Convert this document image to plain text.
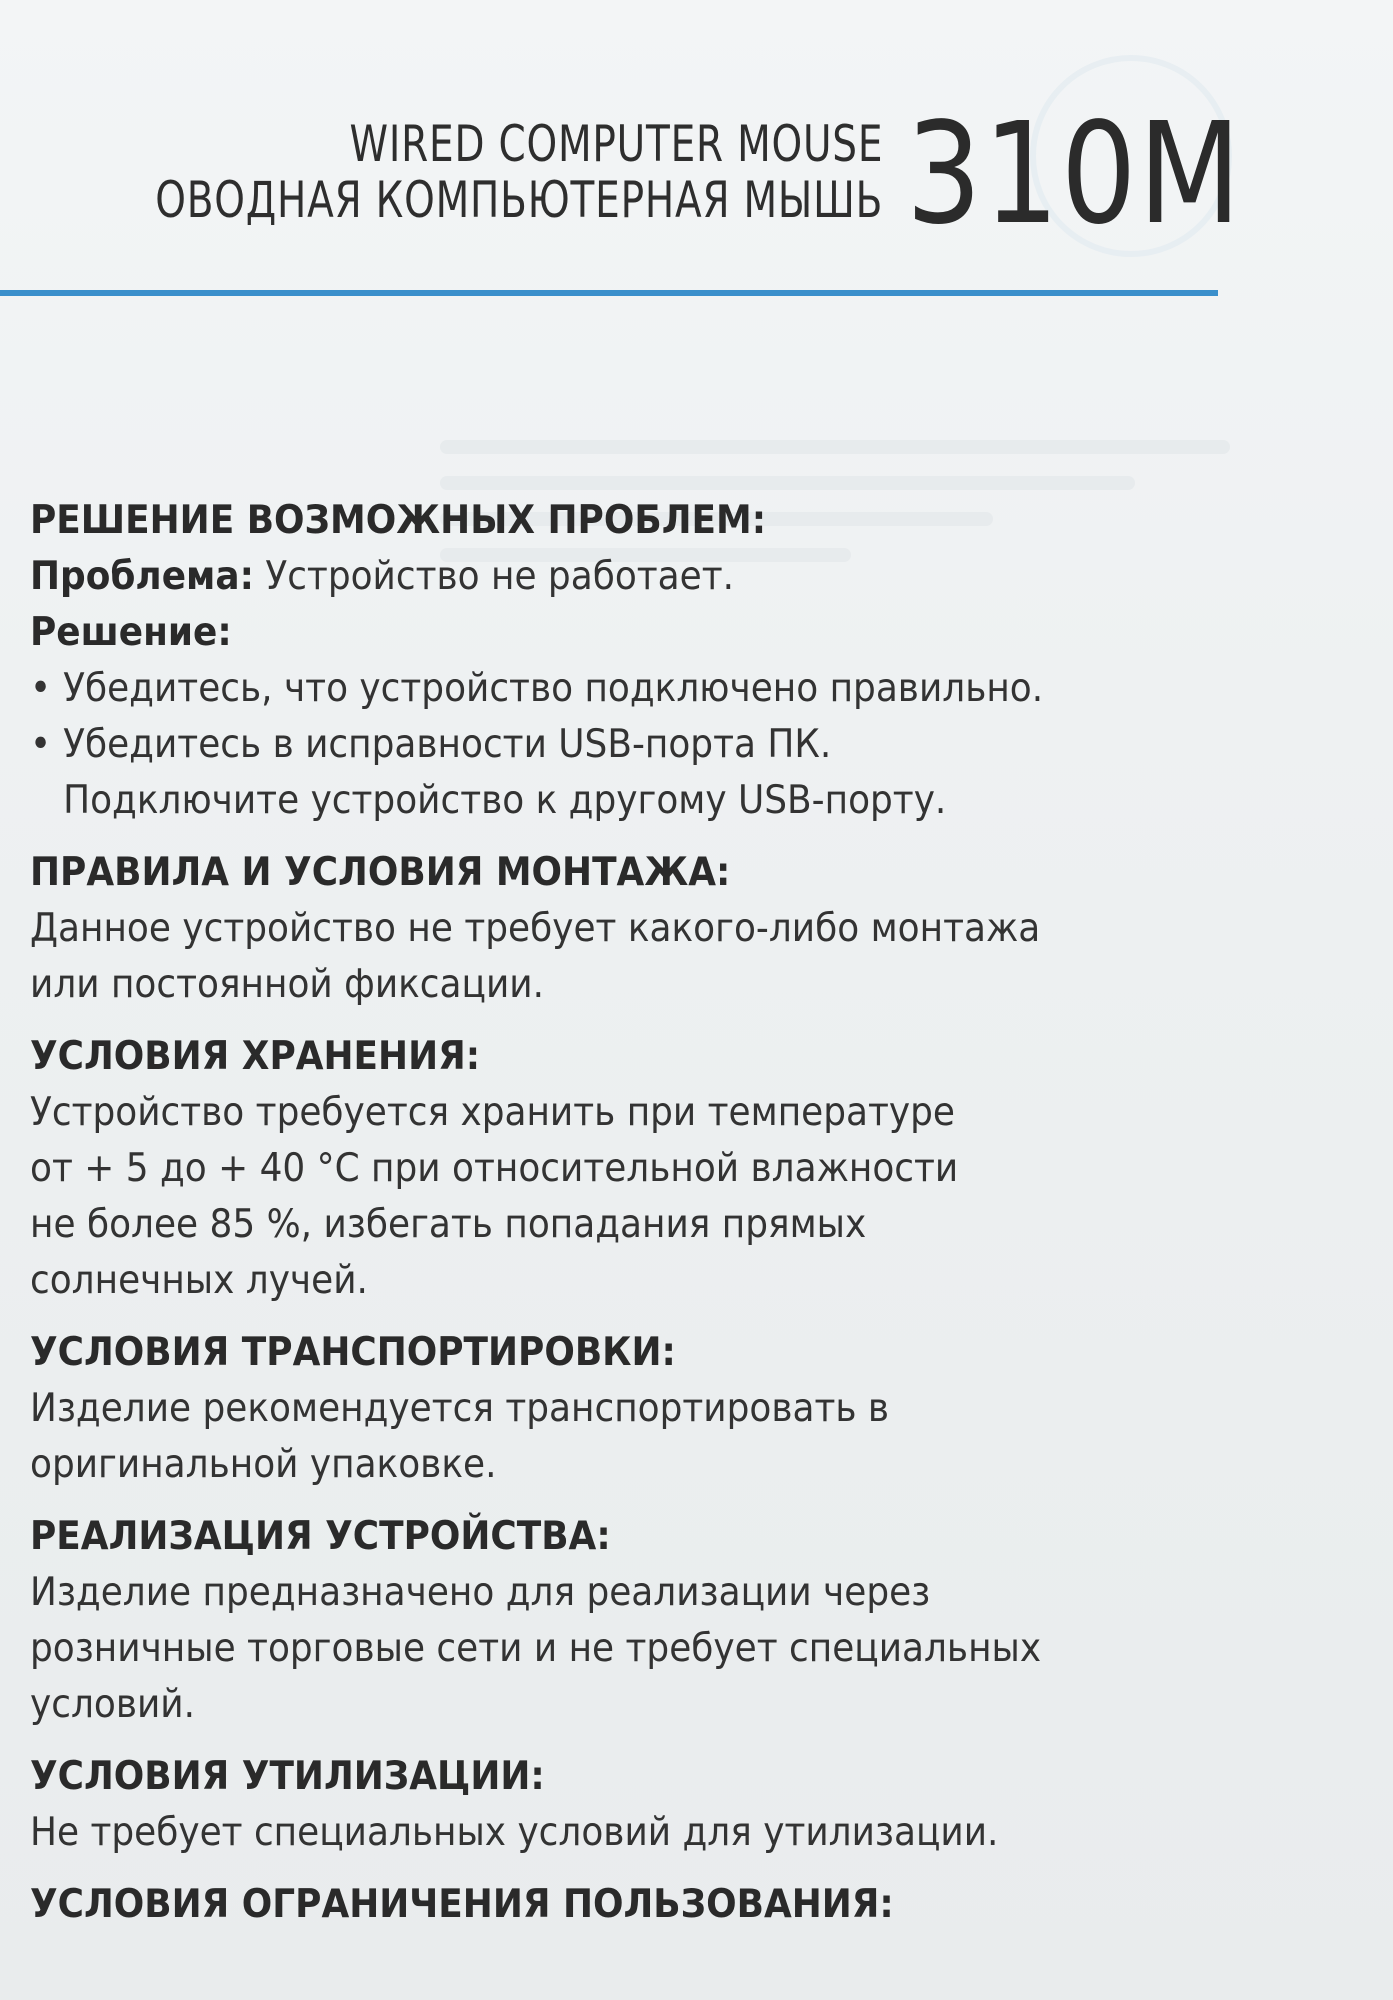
WIRED COMPUTER MOUSE
ОВОДНАЯ КОМПЬЮТЕРНАЯ МЫШЬ 310M
РЕШЕНИЕ ВОЗМОЖНЫХ ПРОБЛЕМ:
Проблема: Устройство не работает.
Решение:
• Убедитесь, что устройство подключено правильно.
• Убедитесь в исправности USB-порта ПК.
Подключите устройство к другому USB-порту.
ПРАВИЛА И УСЛОВИЯ МОНТАЖА:
Данное устройство не требует какого-либо монтажа
или постоянной фиксации.
УСЛОВИЯ ХРАНЕНИЯ:
Устройство требуется хранить при температуре
от + 5 до + 40 °C при относительной влажности
не более 85 %, избегать попадания прямых
солнечных лучей.
УСЛОВИЯ ТРАНСПОРТИРОВКИ:
Изделие рекомендуется транспортировать в
оригинальной упаковке.
РЕАЛИЗАЦИЯ УСТРОЙСТВА:
Изделие предназначено для реализации через
розничные торговые сети и не требует специальных
условий.
УСЛОВИЯ УТИЛИЗАЦИИ:
Не требует специальных условий для утилизации.
УСЛОВИЯ ОГРАНИЧЕНИЯ ПОЛЬЗОВАНИЯ:
